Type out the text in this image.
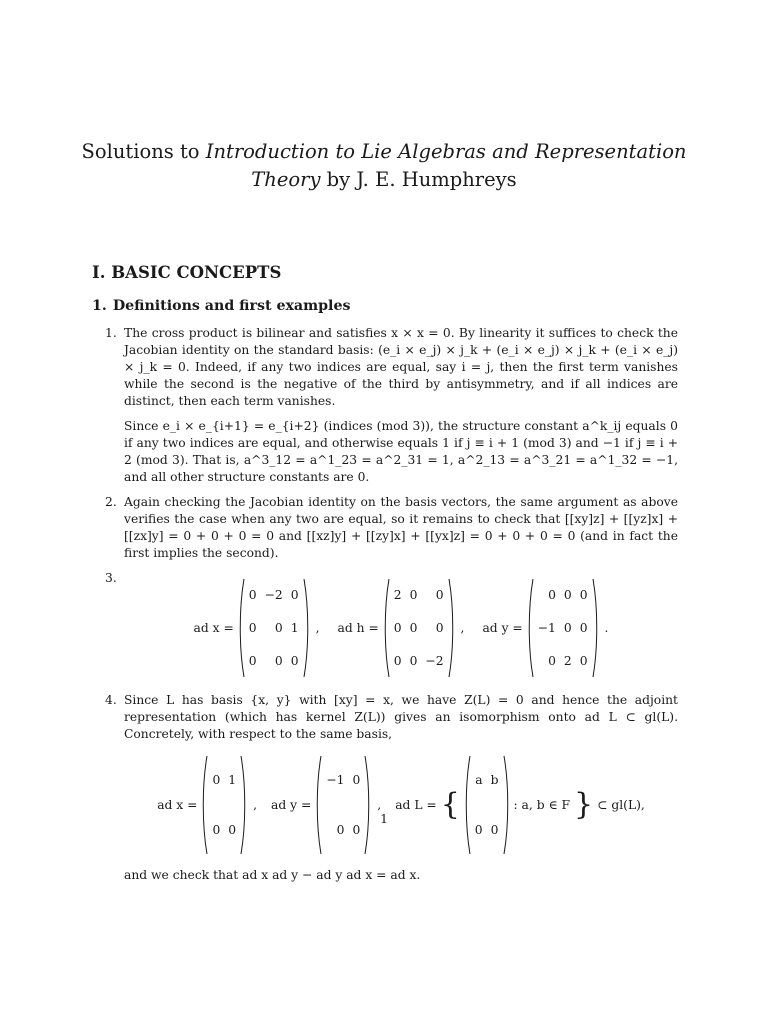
Solutions to Introduction to Lie Algebras and Representation Theory by J. E. Humphreys
I. BASIC CONCEPTS
1. Definitions and first examples
1. The cross product is bilinear and satisfies x × x = 0. By linearity it suffices to check the Jacobian identity on the standard basis: (e_i × e_j) × j_k + (e_i × e_j) × j_k + (e_i × e_j) × j_k = 0. Indeed, if any two indices are equal, say i = j, then the first term vanishes while the second is the negative of the third by antisymmetry, and if all indices are distinct, then each term vanishes.

Since e_i × e_{i+1} = e_{i+2} (indices (mod 3)), the structure constant a^k_ij equals 0 if any two indices are equal, and otherwise equals 1 if j ≡ i + 1 (mod 3) and −1 if j ≡ i + 2 (mod 3). That is, a^3_12 = a^1_23 = a^2_31 = 1, a^2_13 = a^3_21 = a^1_32 = −1, and all other structure constants are 0.

2. Again checking the Jacobian identity on the basis vectors, the same argument as above verifies the case when any two are equal, so it remains to check that [[xy]z] + [[yz]x] + [[zx]y] = 0 + 0 + 0 = 0 and [[xz]y] + [[zy]x] + [[yx]z] = 0 + 0 + 0 = 0 (and in fact the first implies the second).

3.
ad x =
0	−2	0
0	0	1
0	0	0
, ad h =
2	0	0
0	0	0
0	0	−2
, ad y =
0	0	0
−1	0	0
0	2	0
.
4. Since L has basis {x, y} with [xy] = x, we have Z(L) = 0 and hence the adjoint representation (which has kernel Z(L)) gives an isomorphism onto ad L ⊂ gl(L). Concretely, with respect to the same basis,

ad x =
0	1
0	0
, ad y =
−1	0
0	0
, ad L = {
a	b
0	0
: a, b ∈ F } ⊂ gl(L),

and we check that ad x ad y − ad y ad x = ad x.

1
